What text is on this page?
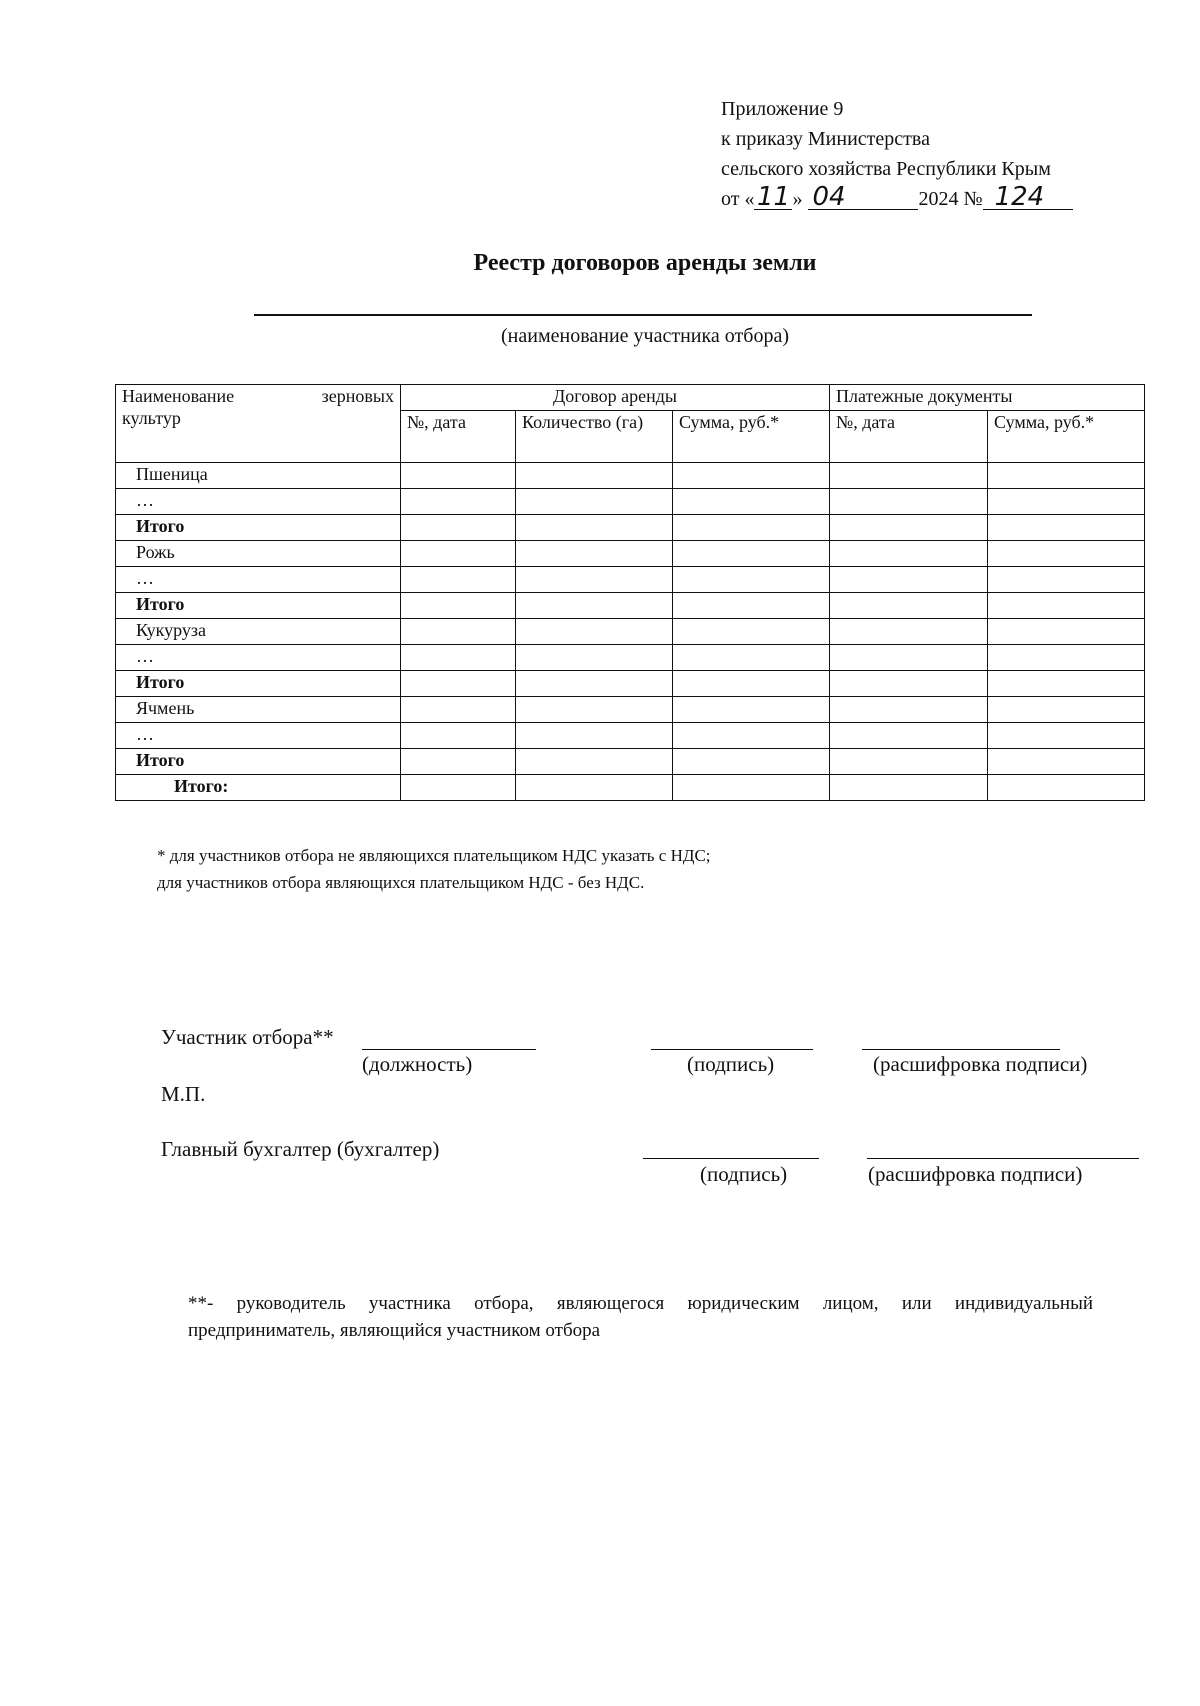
Приложение 9
к приказу Министерства
сельского хозяйства Республики Крым
от «11 » 04	2024 № 124
Реестр договоров аренды земли
(наименование участника отбора)
Наименование зерновых
культур	Договор аренды			Платежные документы	
	№, дата	Количество (га)	Сумма, руб.*	№, дата	Сумма, руб.*
Пшеница					
…					
Итого					
Рожь					
…					
Итого					
Кукуруза					
…					
Итого					
Ячмень					
…					
Итого					
Итого:					
* для участников отбора не являющихся плательщиком НДС указать с НДС;
для участников отбора являющихся плательщиком НДС - без НДС.
Участник отбора**
(должность)	(подпись)	(расшифровка подписи)
М.П.
Главный бухгалтер (бухгалтер)
(подпись)	(расшифровка подписи)
**- руководитель участника отбора, являющегося юридическим лицом, или индивидуальный
предприниматель, являющийся участником отбора
